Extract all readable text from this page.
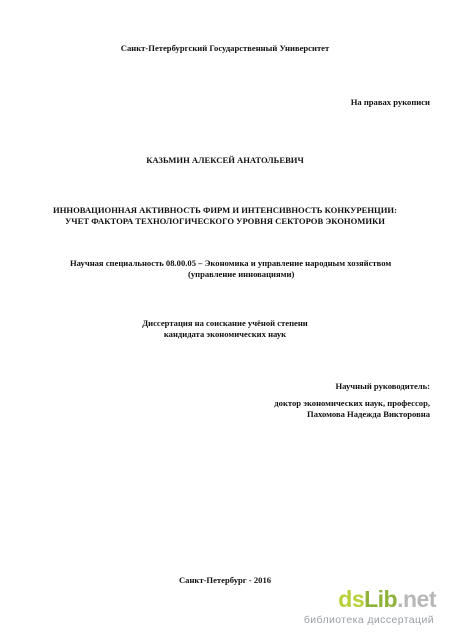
Санкт-Петербургский Государственный Университет
На правах рукописи
КАЗЬМИН АЛЕКСЕЙ АНАТОЛЬЕВИЧ
ИННОВАЦИОННАЯ АКТИВНОСТЬ ФИРМ И ИНТЕНСИВНОСТЬ КОНКУРЕНЦИИ:
УЧЕТ ФАКТОРА ТЕХНОЛОГИЧЕСКОГО УРОВНЯ СЕКТОРОВ ЭКОНОМИКИ
Научная специальность 08.00.05 – Экономика и управление народным хозяйством
(управление инновациями)
Диссертация на соискание учёной степени
кандидата экономических наук
Научный руководитель:
доктор экономических наук, профессор,
Пахомова Надежда Викторовна
Санкт-Петербург - 2016
dsLib.net
библиотека диссертаций
